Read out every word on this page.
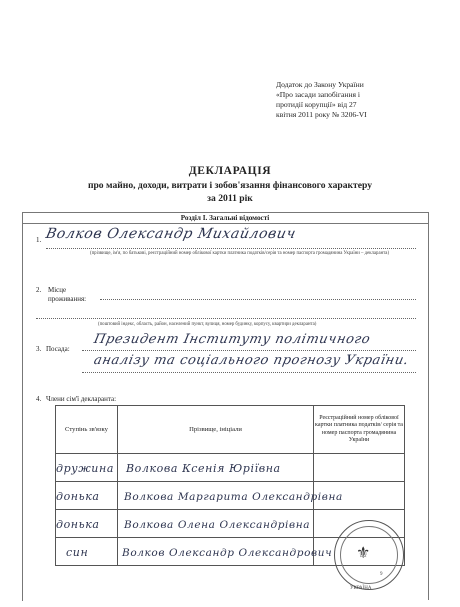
Додаток до Закону України
«Про засади запобігання і
протидії корупції» від 27
квітня 2011 року № 3206-VI
ДЕКЛАРАЦІЯ
про майно, доходи, витрати і зобов'язання фінансового характеру
за 2011 рік
Розділ І. Загальні відомості
1. Волков Олександр Михайлович
(прізвище, ім'я, по батькові, реєстраційний номер облікової картки платника податків/серія та номер паспорта громадянина України – декларанта)
2. Місце
проживання:
(поштовий індекс, область, район, населений пункт, вулиця, номер будинку, корпусу, квартири декларанта)
3. Посада:
Президент Інституту політичного
аналізу та соціального прогнозу України.
4. Члени сім'ї декларанта:
Ступінь зв'язку	Прізвище, ініціали	Реєстраційний номер облікової картки платника податків/ серія та номер паспорта громадянина України
дружина	Волкова Ксенія Юріївна	
донька	Волкова Маргарита Олександрівна	
донька	Волкова Олена Олександрівна	
син	Волков Олександр Олександрович	⚜
9
УКРАЇНА
